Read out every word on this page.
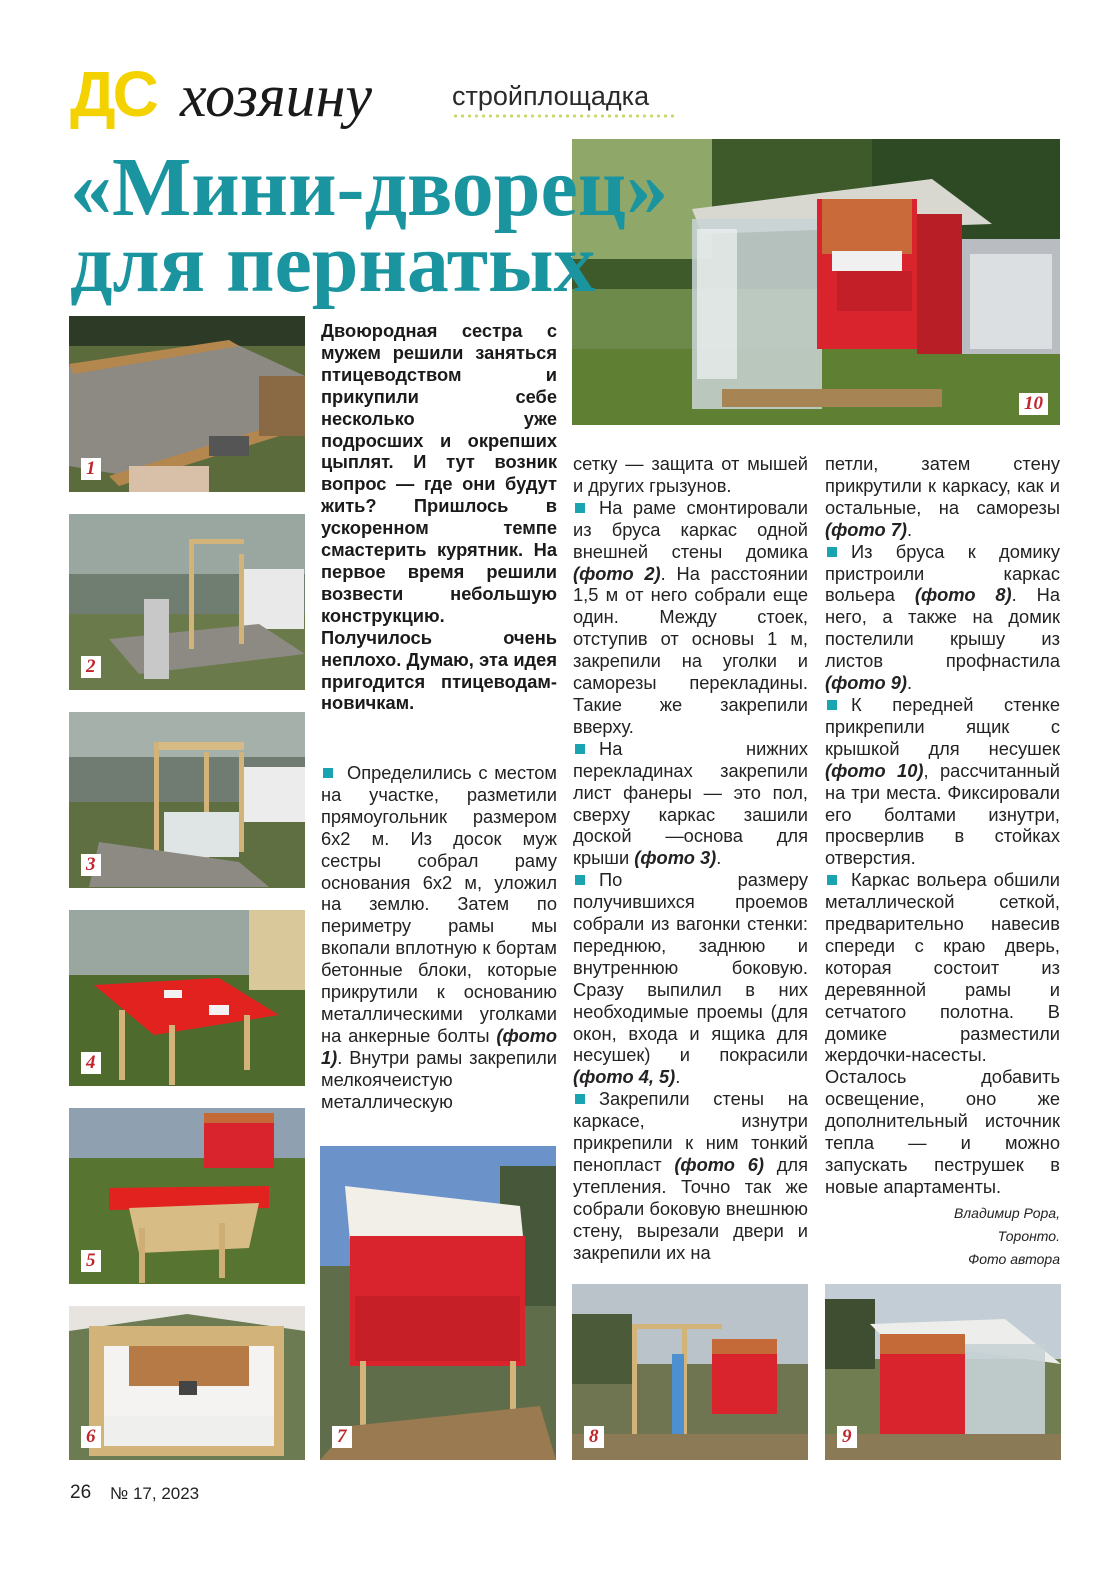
ДС хозяину	стройплощадка
10
«Мини-дворец»
для пернатых
1
2
3
4
5
6	7	8	9
Двоюродная сестра с мужем решили заняться птицеводством и прикупили себе несколько уже подросших и окрепших цыплят. И тут возник вопрос — где они будут жить? Пришлось в ускоренном темпе смастерить курятник. На первое время решили возвести небольшую конструкцию. Получилось очень неплохо. Думаю, эта идея пригодится птицеводам-новичкам.

Определились с местом на участке, разметили прямоугольник размером 6х2 м. Из досок муж сестры собрал раму основания 6х2 м, уложил на землю. Затем по периметру рамы мы вкопали вплотную к бортам бетонные блоки, которые прикрутили к основанию металлическими уголками на анкерные болты (фото 1). Внутри рамы закрепили мелкоячеистую металлическую

сетку — защита от мышей и других грызунов.

На раме смонтировали из бруса каркас одной внешней стены домика (фото 2). На расстоянии 1,5 м от него собрали еще один. Между стоек, отступив от основы 1 м, закрепили на уголки и саморезы перекладины. Такие же закрепили вверху.

На нижних перекладинах закрепили лист фанеры — это пол, сверху каркас зашили доской —основа для крыши (фото 3).

По размеру получившихся проемов собрали из вагонки стенки: переднюю, заднюю и внутреннюю боковую. Сразу выпилил в них необходимые проемы (для окон, входа и ящика для несушек) и покрасили (фото 4, 5).

Закрепили стены на каркасе, изнутри прикрепили к ним тонкий пенопласт (фото 6) для утепления. Точно так же собрали боковую внешнюю стену, вырезали двери и закрепили их на

петли, затем стену прикрутили к каркасу, как и остальные, на саморезы (фото 7).

Из бруса к домику пристроили каркас вольера (фото 8). На него, а также на домик постелили крышу из листов профнастила (фото 9).

К передней стенке прикрепили ящик с крышкой для несушек (фото 10), рассчитанный на три места. Фиксировали его болтами изнутри, просверлив в стойках отверстия.

Каркас вольера обшили металлической сеткой, предварительно навесив спереди с краю дверь, которая состоит из деревянной рамы и сетчатого полотна. В домике разместили жердочки-насесты. Осталось добавить освещение, оно же дополнительный источник тепла — и можно запускать пеструшек в новые апартаменты.

Владимир Рора,
Торонто.
Фото автора
26 № 17, 2023
